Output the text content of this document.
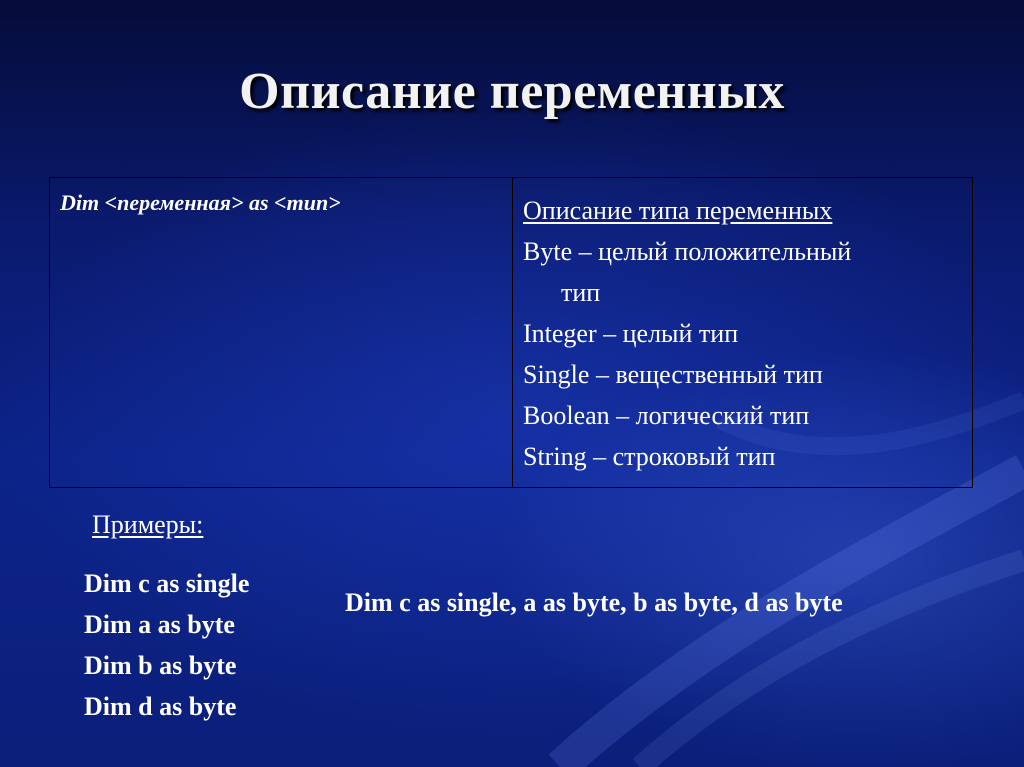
Описание переменных
Dim <переменная> as <тип>	Описание типа переменных
Byte – целый положительный
тип
Integer – целый тип
Single – вещественный тип
Boolean – логический тип
String – строковый тип
Примеры:
Dim c as single
Dim a as byte
Dim b as byte
Dim d as byte
Dim c as single, a as byte, b as byte, d as byte
